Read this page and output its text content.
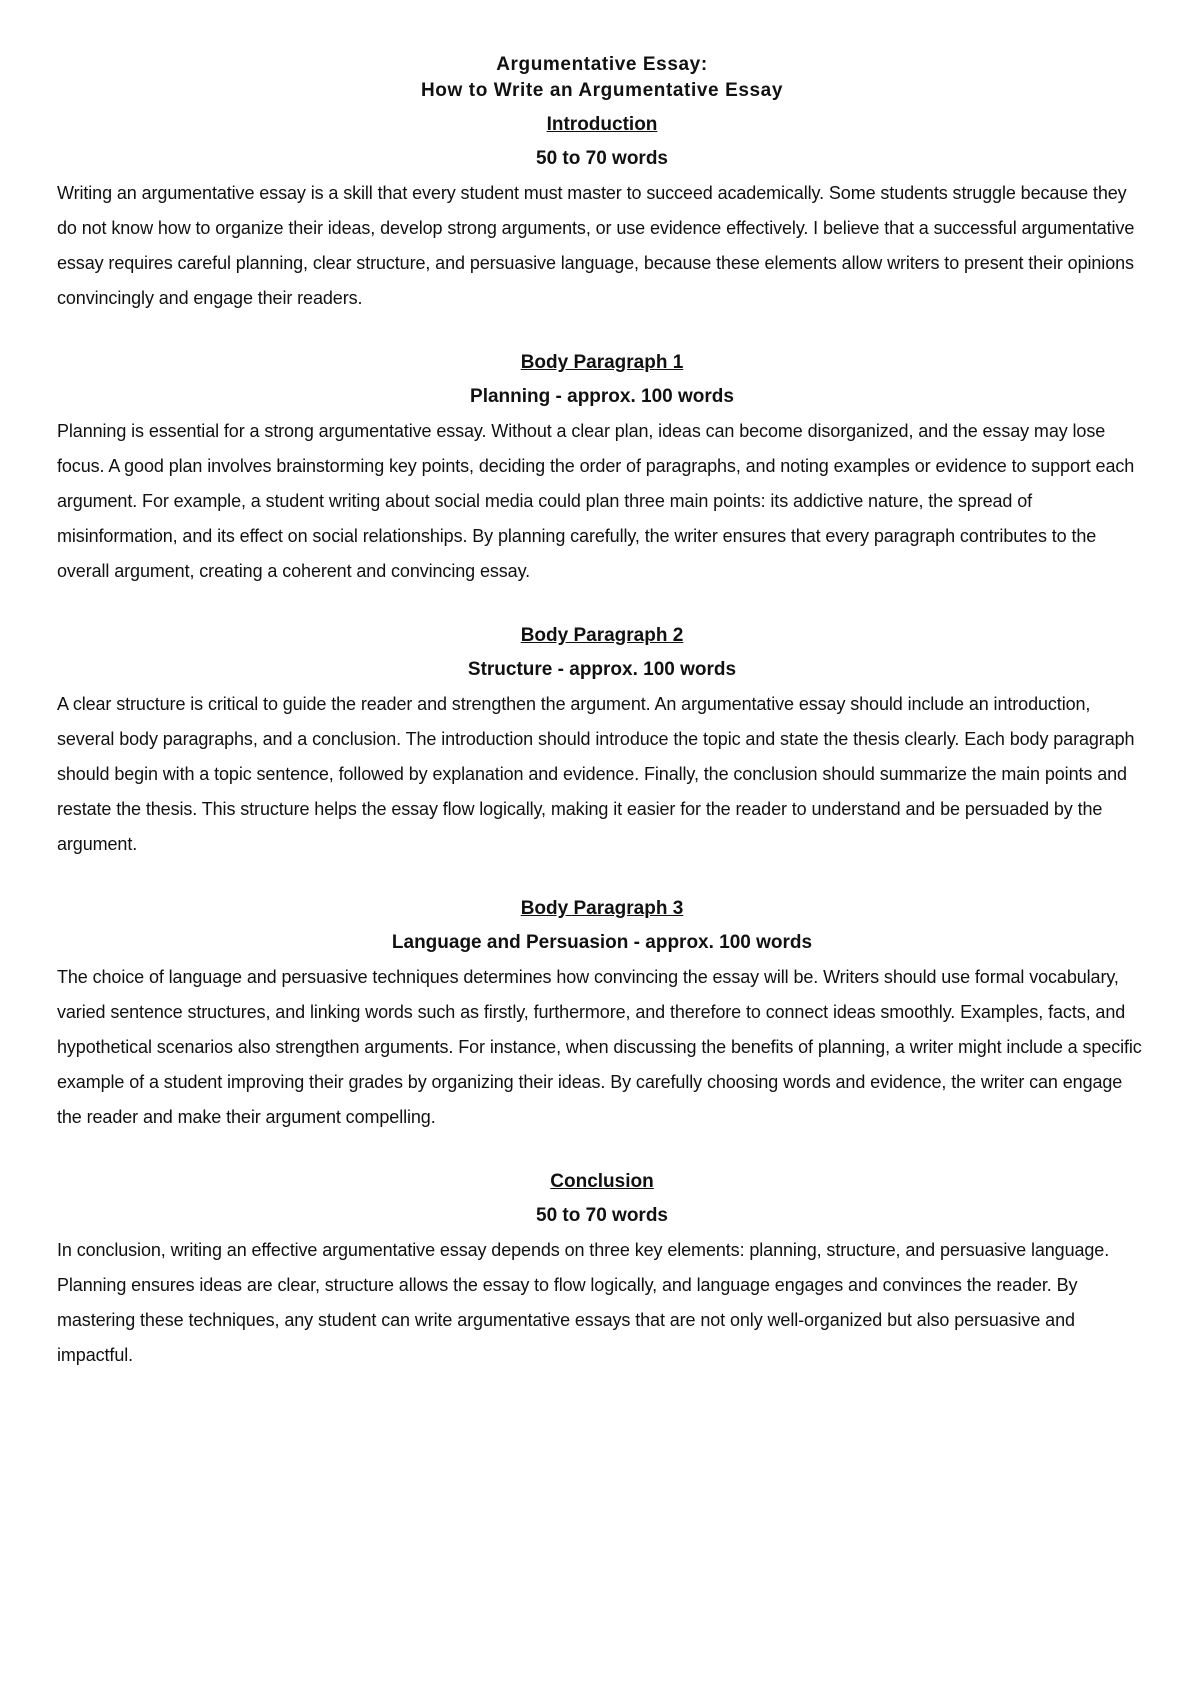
Argumentative Essay:

How to Write an Argumentative Essay

Introduction

50 to 70 words

Writing an argumentative essay is a skill that every student must master to succeed academically. Some students struggle because they do not know how to organize their ideas, develop strong arguments, or use evidence effectively. I believe that a successful argumentative essay requires careful planning, clear structure, and persuasive language, because these elements allow writers to present their opinions convincingly and engage their readers.

Body Paragraph 1

Planning - approx. 100 words

Planning is essential for a strong argumentative essay. Without a clear plan, ideas can become disorganized, and the essay may lose focus. A good plan involves brainstorming key points, deciding the order of paragraphs, and noting examples or evidence to support each argument. For example, a student writing about social media could plan three main points: its addictive nature, the spread of misinformation, and its effect on social relationships. By planning carefully, the writer ensures that every paragraph contributes to the overall argument, creating a coherent and convincing essay.

Body Paragraph 2

Structure - approx. 100 words

A clear structure is critical to guide the reader and strengthen the argument. An argumentative essay should include an introduction, several body paragraphs, and a conclusion. The introduction should introduce the topic and state the thesis clearly. Each body paragraph should begin with a topic sentence, followed by explanation and evidence. Finally, the conclusion should summarize the main points and restate the thesis. This structure helps the essay flow logically, making it easier for the reader to understand and be persuaded by the argument.

Body Paragraph 3

Language and Persuasion - approx. 100 words

The choice of language and persuasive techniques determines how convincing the essay will be. Writers should use formal vocabulary, varied sentence structures, and linking words such as firstly, furthermore, and therefore to connect ideas smoothly. Examples, facts, and hypothetical scenarios also strengthen arguments. For instance, when discussing the benefits of planning, a writer might include a specific example of a student improving their grades by organizing their ideas. By carefully choosing words and evidence, the writer can engage the reader and make their argument compelling.

Conclusion

50 to 70 words

In conclusion, writing an effective argumentative essay depends on three key elements: planning, structure, and persuasive language. Planning ensures ideas are clear, structure allows the essay to flow logically, and language engages and convinces the reader. By mastering these techniques, any student can write argumentative essays that are not only well-organized but also persuasive and impactful.
